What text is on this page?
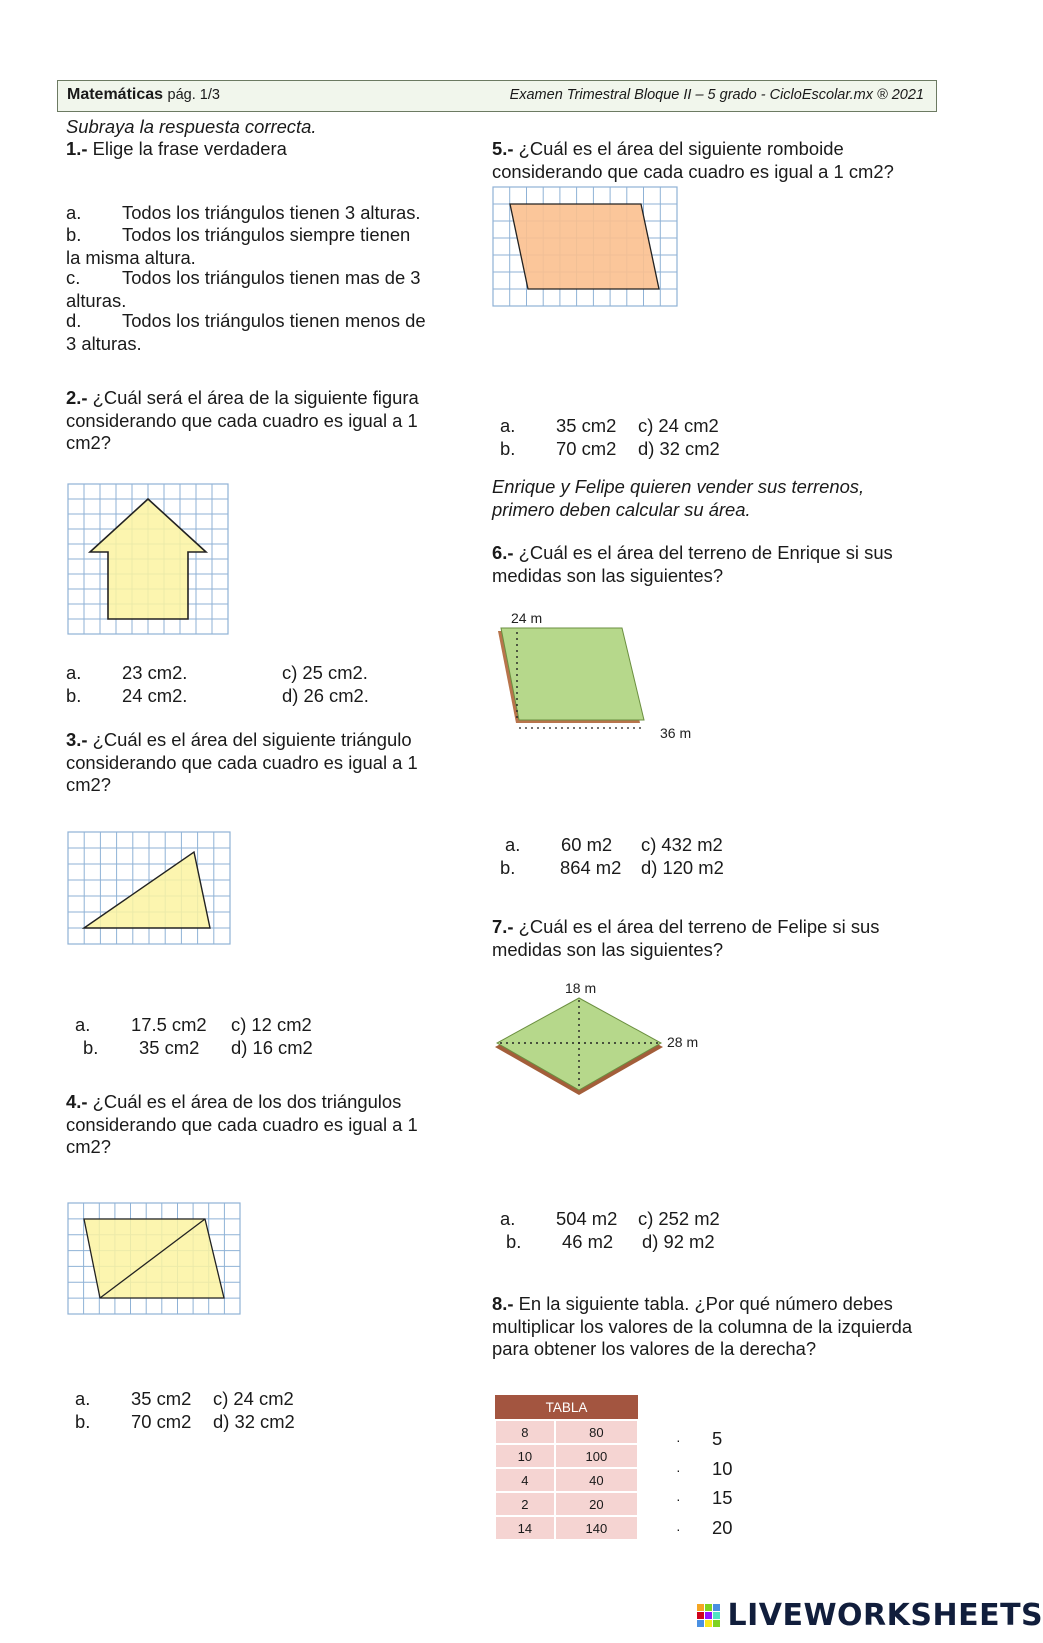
Matemáticas pág. 1/3	Examen Trimestral Bloque II – 5 grado - CicloEscolar.mx ® 2021

Subraya la respuesta correcta.

1.- Elige la frase verdadera

a. Todos los triángulos tienen 3 alturas.
b. Todos los triángulos siempre tienen
la misma altura.
c. Todos los triángulos tienen mas de 3
alturas.
d. Todos los triángulos tienen menos de
3 alturas.

2.- ¿Cuál será el área de la siguiente figura considerando que cada cuadro es igual a 1 cm2?

a. 23 cm2.	c) 25 cm2.
b. 24 cm2.	d) 26 cm2.

3.- ¿Cuál es el área del siguiente triángulo considerando que cada cuadro es igual a 1 cm2?

a. 17.5 cm2 c) 12 cm2
b. 35 cm2 d) 16 cm2

4.- ¿Cuál es el área de los dos triángulos considerando que cada cuadro es igual a 1 cm2?

a. 35 cm2 c) 24 cm2
b. 70 cm2 d) 32 cm2

5.- ¿Cuál es el área del siguiente romboide considerando que cada cuadro es igual a 1 cm2?

a. 35 cm2 c) 24 cm2
b. 70 cm2 d) 32 cm2

Enrique y Felipe quieren vender sus terrenos, primero deben calcular su área.

6.- ¿Cuál es el área del terreno de Enrique si sus medidas son las siguientes?

24 m
36 m
a. 60 m2 c) 432 m2
b. 864 m2 d) 120 m2

7.- ¿Cuál es el área del terreno de Felipe si sus medidas son las siguientes?

18 m
28 m
a. 504 m2 c) 252 m2
b. 46 m2 d) 92 m2

8.- En la siguiente tabla. ¿Por qué número debes multiplicar los valores de la columna de la izquierda para obtener los valores de la derecha?

TABLA	
8	80
10	100
4	40
2	20
14	140
· 5
· 10
· 15
· 20
LIVEWORKSHEETS
